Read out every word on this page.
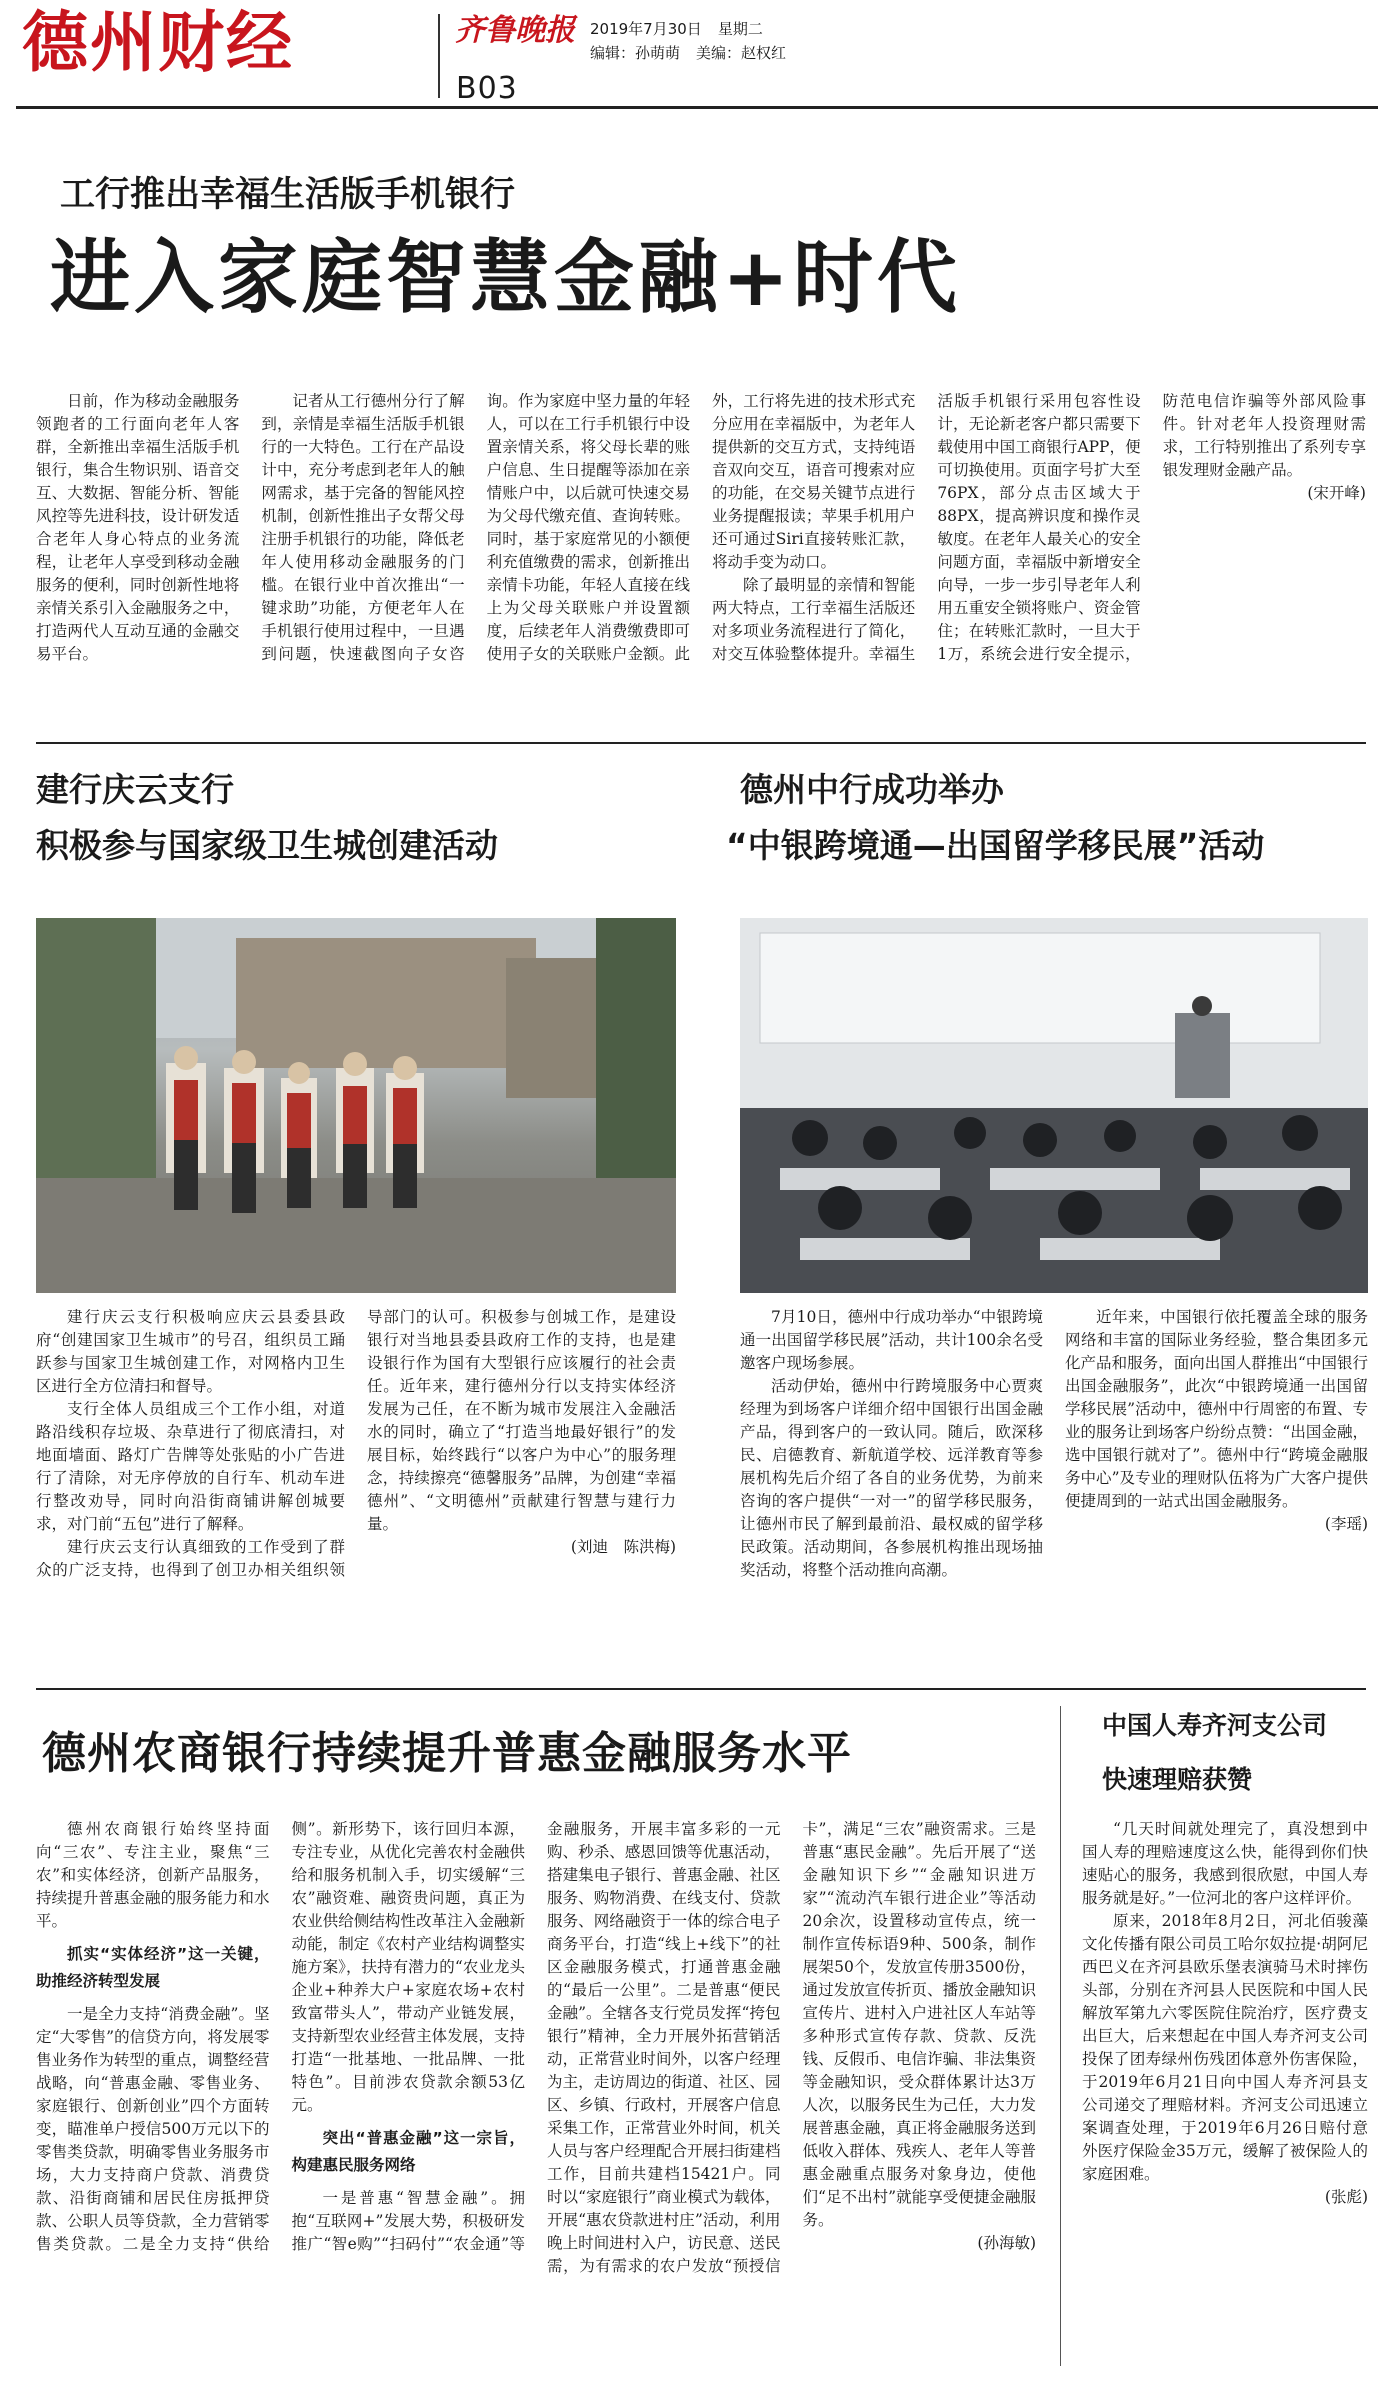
德州财经	齐鲁晚报
B03
2019年7月30日 星期二
编辑：孙萌萌 美编：赵权红
工行推出幸福生活版手机银行
进入家庭智慧金融+时代

日前，作为移动金融服务领跑者的工行面向老年人客群，全新推出幸福生活版手机银行，集合生物识别、语音交互、大数据、智能分析、智能风控等先进科技，设计研发适合老年人身心特点的业务流程，让老年人享受到移动金融服务的便利，同时创新性地将亲情关系引入金融服务之中，打造两代人互动互通的金融交易平台。

记者从工行德州分行了解到，亲情是幸福生活版手机银行的一大特色。工行在产品设计中，充分考虑到老年人的触网需求，基于完备的智能风控机制，创新性推出子女帮父母注册手机银行的功能，降低老年人使用移动金融服务的门槛。在银行业中首次推出“一键求助”功能，方便老年人在手机银行使用过程中，一旦遇到问题，快速截图向子女咨询。作为家庭中坚力量的年轻人，可以在工行手机银行中设置亲情关系，将父母长辈的账户信息、生日提醒等添加在亲情账户中，以后就可快速交易为父母代缴充值、查询转账。同时，基于家庭常见的小额便利充值缴费的需求，创新推出亲情卡功能，年轻人直接在线上为父母关联账户并设置额度，后续老年人消费缴费即可使用子女的关联账户金额。此外，工行将先进的技术形式充分应用在幸福版中，为老年人提供新的交互方式，支持纯语音双向交互，语音可搜索对应的功能，在交易关键节点进行业务提醒报读；苹果手机用户还可通过Siri直接转账汇款，将动手变为动口。

除了最明显的亲情和智能两大特点，工行幸福生活版还对多项业务流程进行了简化，对交互体验整体提升。幸福生活版手机银行采用包容性设计，无论新老客户都只需要下载使用中国工商银行APP，便可切换使用。页面字号扩大至76PX，部分点击区域大于88PX，提高辨识度和操作灵敏度。在老年人最关心的安全问题方面，幸福版中新增安全向导，一步一步引导老年人利用五重安全锁将账户、资金管住；在转账汇款时，一旦大于1万，系统会进行安全提示，防范电信诈骗等外部风险事件。针对老年人投资理财需求，工行特别推出了系列专享银发理财金融产品。

(宋开峰)
建行庆云支行
积极参与国家级卫生城创建活动

建行庆云支行积极响应庆云县委县政府“创建国家卫生城市”的号召，组织员工踊跃参与国家卫生城创建工作，对网格内卫生区进行全方位清扫和督导。

支行全体人员组成三个工作小组，对道路沿线积存垃圾、杂草进行了彻底清扫，对地面墙面、路灯广告牌等处张贴的小广告进行了清除，对无序停放的自行车、机动车进行整改劝导，同时向沿街商铺讲解创城要求，对门前“五包”进行了解释。

建行庆云支行认真细致的工作受到了群众的广泛支持，也得到了创卫办相关组织领导部门的认可。积极参与创城工作，是建设银行对当地县委县政府工作的支持，也是建设银行作为国有大型银行应该履行的社会责任。近年来，建行德州分行以支持实体经济发展为己任，在不断为城市发展注入金融活水的同时，确立了“打造当地最好银行”的发展目标，始终践行“以客户为中心”的服务理念，持续擦亮“德馨服务”品牌，为创建“幸福德州”、“文明德州”贡献建行智慧与建行力量。

(刘迪　陈洪梅)
德州中行成功举办
“中银跨境通—出国留学移民展”活动

7月10日，德州中行成功举办“中银跨境通一出国留学移民展”活动，共计100余名受邀客户现场参展。

活动伊始，德州中行跨境服务中心贾爽经理为到场客户详细介绍中国银行出国金融产品，得到客户的一致认同。随后，欧深移民、启德教育、新航道学校、远洋教育等参展机构先后介绍了各自的业务优势，为前来咨询的客户提供“一对一”的留学移民服务，让德州市民了解到最前沿、最权威的留学移民政策。活动期间，各参展机构推出现场抽奖活动，将整个活动推向高潮。

近年来，中国银行依托覆盖全球的服务网络和丰富的国际业务经验，整合集团多元化产品和服务，面向出国人群推出“中国银行出国金融服务”，此次“中银跨境通一出国留学移民展”活动中，德州中行周密的布置、专业的服务让到场客户纷纷点赞：“出国金融，选中国银行就对了”。德州中行“跨境金融服务中心”及专业的理财队伍将为广大客户提供便捷周到的一站式出国金融服务。

(李瑶)
德州农商银行持续提升普惠金融服务水平

德州农商银行始终坚持面向“三农”、专注主业，聚焦“三农”和实体经济，创新产品服务，持续提升普惠金融的服务能力和水平。

抓实“实体经济”这一关键，助推经济转型发展

一是全力支持“消费金融”。坚定“大零售”的信贷方向，将发展零售业务作为转型的重点，调整经营战略，向“普惠金融、零售业务、家庭银行、创新创业”四个方面转变，瞄准单户授信500万元以下的零售类贷款，明确零售业务服务市场，大力支持商户贷款、消费贷款、沿街商铺和居民住房抵押贷款、公职人员等贷款，全力营销零售类贷款。二是全力支持“供给侧”。新形势下，该行回归本源，专注专业，从优化完善农村金融供给和服务机制入手，切实缓解“三农”融资难、融资贵问题，真正为农业供给侧结构性改革注入金融新动能，制定《农村产业结构调整实施方案》，扶持有潜力的“农业龙头企业+种养大户+家庭农场+农村致富带头人”，带动产业链发展，支持新型农业经营主体发展，支持打造“一批基地、一批品牌、一批特色”。目前涉农贷款余额53亿元。

突出“普惠金融”这一宗旨，构建惠民服务网络

一是普惠“智慧金融”。拥抱“互联网+”发展大势，积极研发推广“智e购”“扫码付”“农金通”等金融服务，开展丰富多彩的一元购、秒杀、感恩回馈等优惠活动，搭建集电子银行、普惠金融、社区服务、购物消费、在线支付、贷款服务、网络融资于一体的综合电子商务平台，打造“线上+线下”的社区金融服务模式，打通普惠金融的“最后一公里”。二是普惠“便民金融”。全辖各支行党员发挥“挎包银行”精神，全力开展外拓营销活动，正常营业时间外，以客户经理为主，走访周边的街道、社区、园区、乡镇、行政村，开展客户信息采集工作，正常营业外时间，机关人员与客户经理配合开展扫街建档工作，目前共建档15421户。同时以“家庭银行”商业模式为载体，开展“惠农贷款进村庄”活动，利用晚上时间进村入户，访民意、送民需，为有需求的农户发放“预授信卡”，满足“三农”融资需求。三是普惠“惠民金融”。先后开展了“送金融知识下乡”“金融知识进万家”“流动汽车银行进企业”等活动20余次，设置移动宣传点，统一制作宣传标语9种、500条，制作展架50个，发放宣传册3500份，通过发放宣传折页、播放金融知识宣传片、进村入户进社区人车站等多种形式宣传存款、贷款、反洗钱、反假币、电信诈骗、非法集资等金融知识，受众群体累计达3万人次，以服务民生为己任，大力发展普惠金融，真正将金融服务送到低收入群体、残疾人、老年人等普惠金融重点服务对象身边，使他们“足不出村”就能享受便捷金融服务。

(孙海敏)
中国人寿齐河支公司
快速理赔获赞

“几天时间就处理完了，真没想到中国人寿的理赔速度这么快，能得到你们快速贴心的服务，我感到很欣慰，中国人寿服务就是好。”一位河北的客户这样评价。

原来，2018年8月2日，河北佰骏藻文化传播有限公司员工哈尔奴拉提·胡阿尼西巴义在齐河县欧乐堡表演骑马术时摔伤头部，分别在齐河县人民医院和中国人民解放军第九六零医院住院治疗，医疗费支出巨大，后来想起在中国人寿齐河支公司投保了团寿绿州伤残团体意外伤害保险，于2019年6月21日向中国人寿齐河县支公司递交了理赔材料。齐河支公司迅速立案调查处理，于2019年6月26日赔付意外医疗保险金35万元，缓解了被保险人的家庭困难。

(张彪)
